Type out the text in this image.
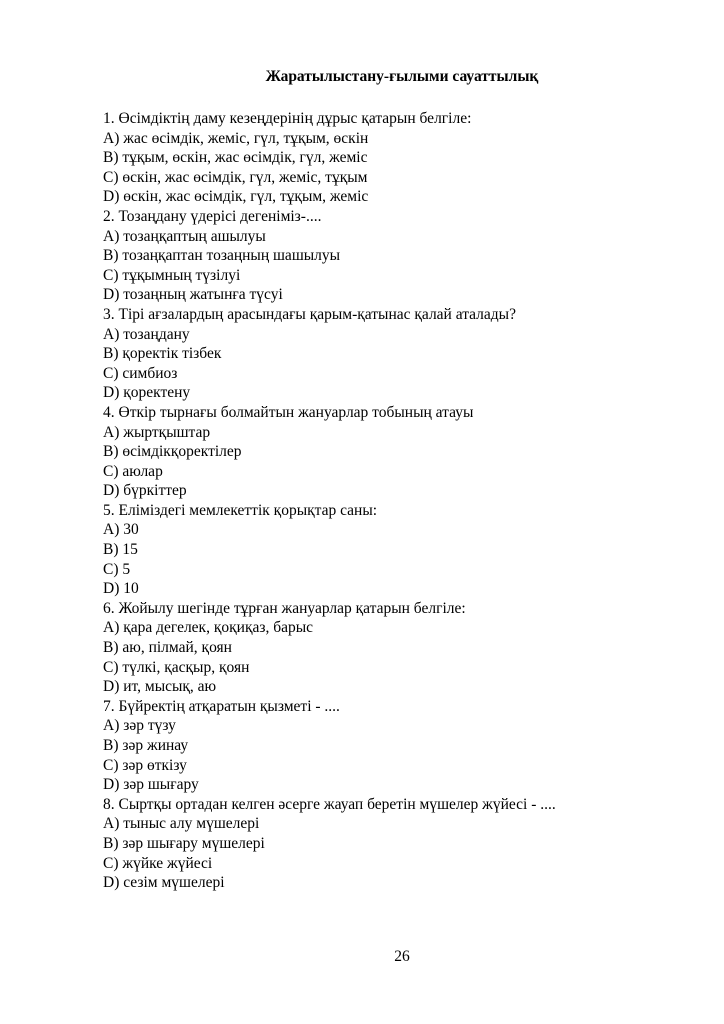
Жаратылыстану-ғылыми сауаттылық
1. Өсімдіктің даму кезеңдерінің дұрыс қатарын белгіле:
A) жас өсімдік, жеміс, гүл, тұқым, өскін
B) тұқым, өскін, жас өсімдік, гүл, жеміс
C) өскін, жас өсімдік, гүл, жеміс, тұқым
D) өскін, жас өсімдік, гүл, тұқым, жеміс
2. Тозаңдану үдерісі дегеніміз-....
A) тозаңқаптың ашылуы
B) тозаңқаптан тозаңның шашылуы
C) тұқымның түзілуі
D) тозаңның жатынға түсуі
3. Тірі ағзалардың арасындағы қарым-қатынас қалай аталады?
A) тозаңдану
B) қоректік тізбек
C) симбиоз
D) қоректену
4. Өткір тырнағы болмайтын жануарлар тобының атауы
A) жыртқыштар
B) өсімдікқоректілер
C) аюлар
D) бүркіттер
5. Еліміздегі мемлекеттік қорықтар саны:
A) 30
B) 15
C) 5
D) 10
6. Жойылу шегінде тұрған жануарлар қатарын белгіле:
A) қара дегелек, қоқиқаз, барыс
B) аю, пілмай, қоян
C) түлкі, қасқыр, қоян
D) ит, мысық, аю
7. Бүйректің атқаратын қызметі - ....
A) зәр түзу
B) зәр жинау
C) зәр өткізу
D) зәр шығару
8. Сыртқы ортадан келген әсерге жауап беретін мүшелер жүйесі - ....
A) тыныс алу мүшелері
B) зәр шығару мүшелері
C) жүйке жүйесі
D) сезім мүшелері
26
